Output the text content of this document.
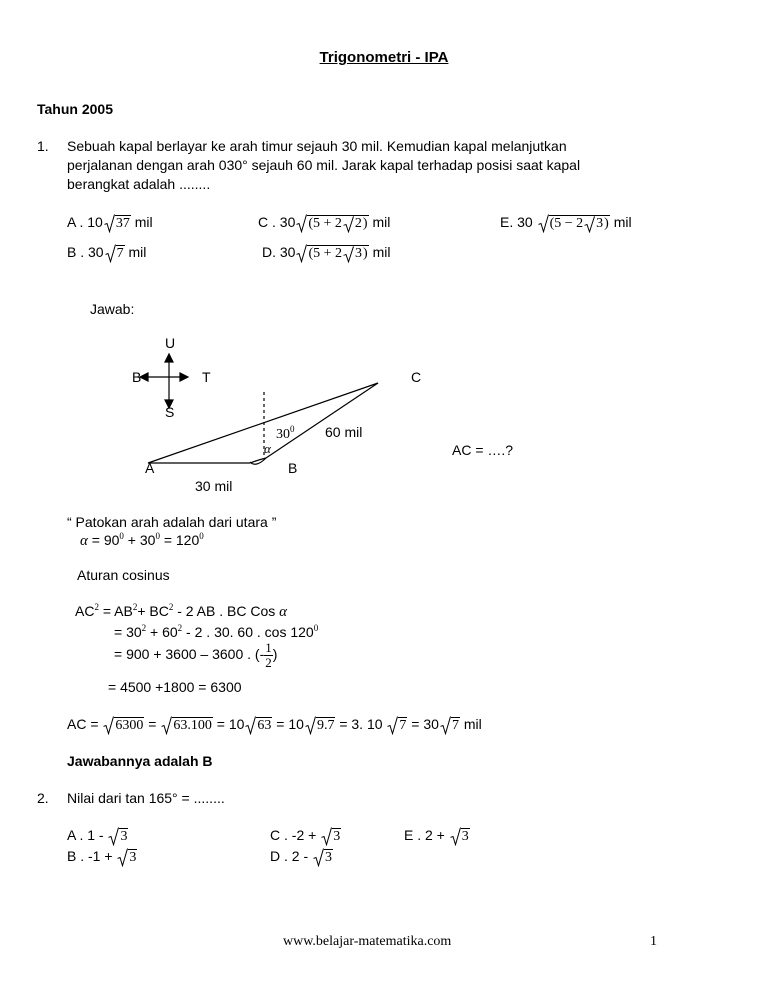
Trigonometri - IPA
Tahun 2005
1. Sebuah kapal berlayar ke arah timur sejauh 30 mil. Kemudian kapal melanjutkan
perjalanan dengan arah 030° sejauh 60 mil. Jarak kapal terhadap posisi saat kapal
berangkat adalah ........
A . 10 37 mil	C . 30 (5 + 2 2) mil	E. 30 (5 − 2 3) mil
B . 30 7 mil	D. 30 (5 + 2 3) mil
Jawab:
U
B	T
S
C
A	B
$30^0$
α
60 mil
30 mil
AC = ….?
“ Patokan arah adalah dari utara ”
$\alpha = 90^0 + 30^0 = 120^0$
Aturan cosinus
$AC^2 = AB^2+ BC^2 - 2$ AB . BC Cos α
= $30^2 + 60^2 - 2$ . 30. 60 . $\cos 120^0$
= 900 + 3600 – 3600 . (- $\frac{1}{2}$ )
= 4500 +1800 = 6300
AC = 6300 = 63.100 = 10 63 = 10 9.7 = 3. 10 7 = 30 7 mil
Jawabannya adalah B
2. Nilai dari tan 165° = ........
A . 1 - 3	C . -2 + 3	E . 2 + 3
B . -1 + 3	D . 2 - 3
www.belajar-matematika.com	1
